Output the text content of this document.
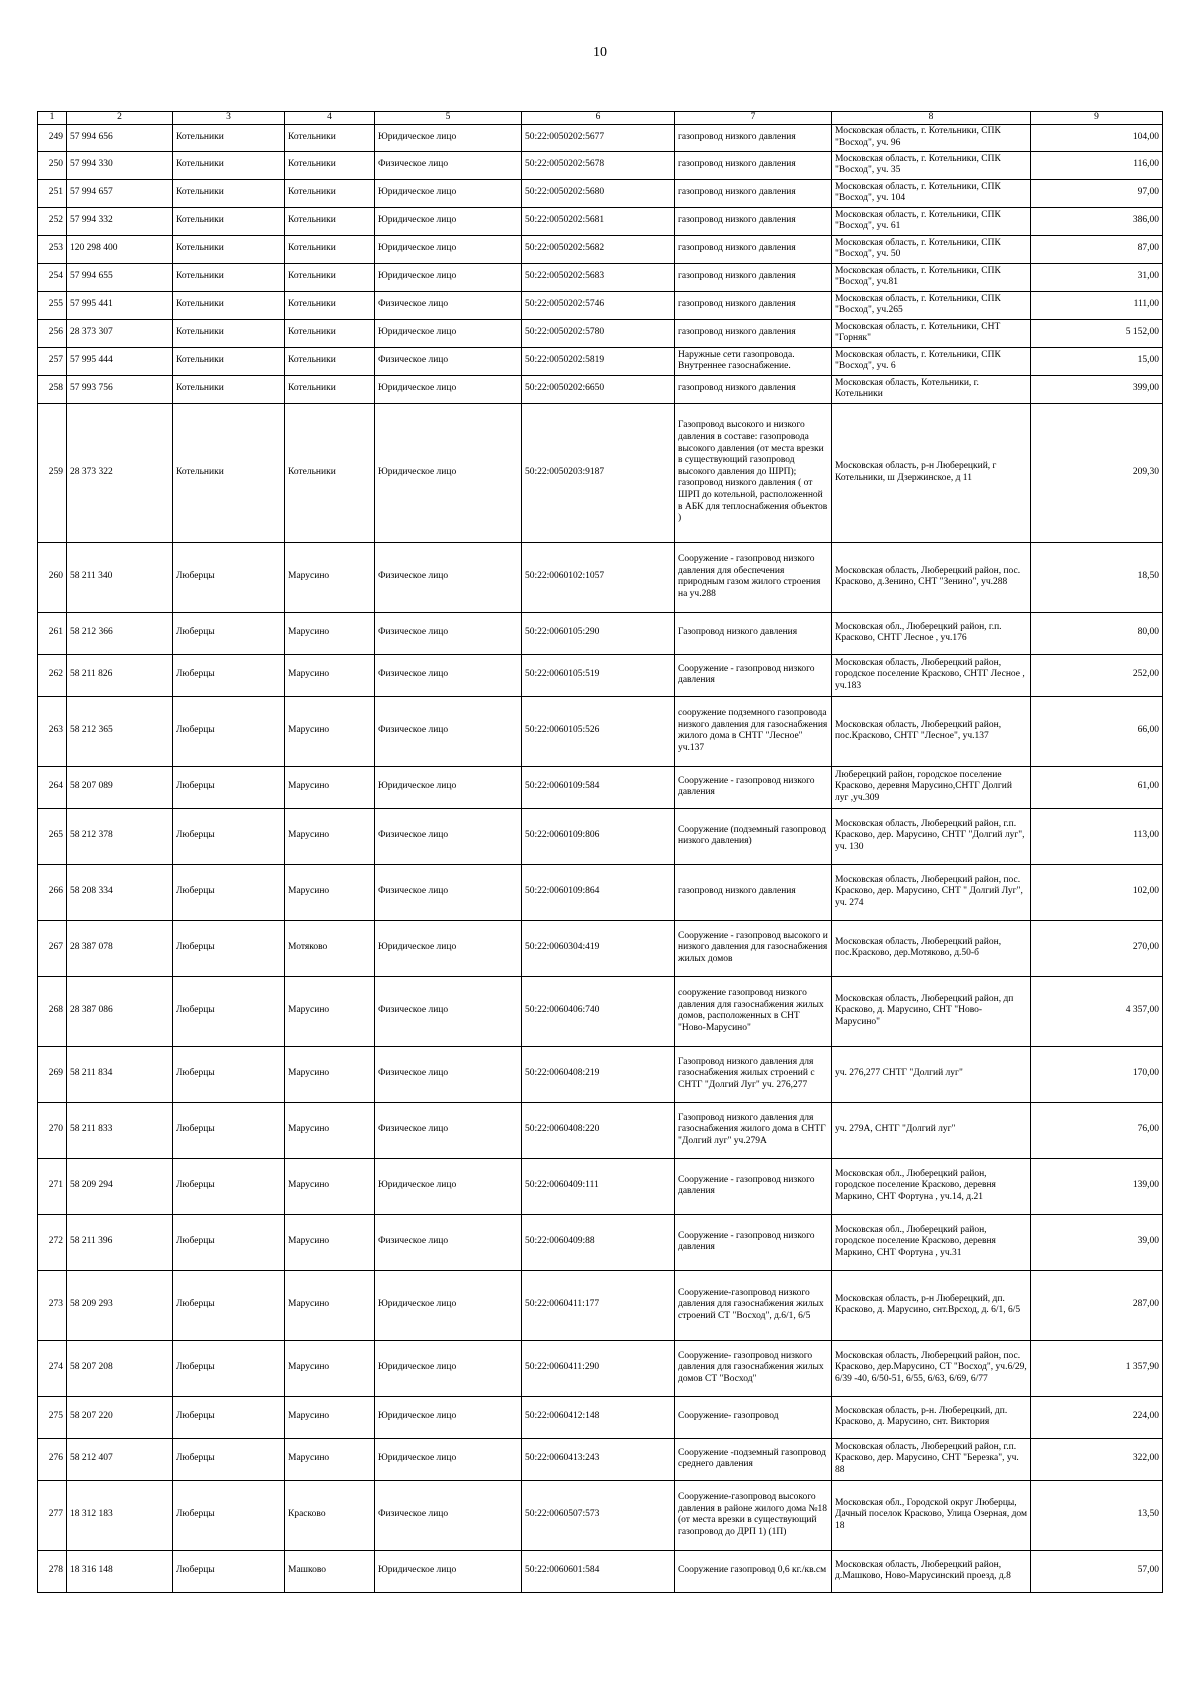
10
1	2	3	4	5	6	7	8	9
249	57 994 656	Котельники	Котельники	Юридическое лицо	50:22:0050202:5677	газопровод низкого давления	Московская область, г. Котельники, СПК "Восход", уч. 96	104,00
250	57 994 330	Котельники	Котельники	Физическое лицо	50:22:0050202:5678	газопровод низкого давления	Московская область, г. Котельники, СПК "Восход", уч. 35	116,00
251	57 994 657	Котельники	Котельники	Юридическое лицо	50:22:0050202:5680	газопровод низкого давления	Московская область, г. Котельники, СПК "Восход", уч. 104	97,00
252	57 994 332	Котельники	Котельники	Юридическое лицо	50:22:0050202:5681	газопровод низкого давления	Московская область, г. Котельники, СПК "Восход", уч. 61	386,00
253	120 298 400	Котельники	Котельники	Юридическое лицо	50:22:0050202:5682	газопровод низкого давления	Московская область, г. Котельники, СПК "Восход", уч. 50	87,00
254	57 994 655	Котельники	Котельники	Юридическое лицо	50:22:0050202:5683	газопровод низкого давления	Московская область, г. Котельники, СПК "Восход", уч.81	31,00
255	57 995 441	Котельники	Котельники	Физическое лицо	50:22:0050202:5746	газопровод низкого давления	Московская область, г. Котельники, СПК "Восход", уч.265	111,00
256	28 373 307	Котельники	Котельники	Юридическое лицо	50:22:0050202:5780	газопровод низкого давления	Московская область, г. Котельники, СНТ "Горняк"	5 152,00
257	57 995 444	Котельники	Котельники	Физическое лицо	50:22:0050202:5819	Наружные сети газопровода. Внутреннее газоснабжение.	Московская область, г. Котельники, СПК "Восход", уч. 6	15,00
258	57 993 756	Котельники	Котельники	Юридическое лицо	50:22:0050202:6650	газопровод низкого давления	Московская область, Котельники, г. Котельники	399,00
259	28 373 322	Котельники	Котельники	Юридическое лицо	50:22:0050203:9187	Газопровод высокого и низкого давления в составе: газопровода высокого давления (от места врезки в существующий газопровод высокого давления до ШРП); газопровод низкого давления ( от ШРП до котельной, расположенной в АБК для теплоснабжения объектов )	Московская область, р-н Люберецкий, г Котельники, ш Дзержинское, д 11	209,30
260	58 211 340	Люберцы	Марусино	Физическое лицо	50:22:0060102:1057	Сооружение - газопровод низкого давления для обеспечения природным газом жилого строения на уч.288	Московская область, Люберецкий район, пос. Красково, д.Зенино, СНТ "Зенино", уч.288	18,50
261	58 212 366	Люберцы	Марусино	Физическое лицо	50:22:0060105:290	Газопровод низкого давления	Московская обл., Люберецкий район, г.п. Красково, СНТГ Лесное , уч.176	80,00
262	58 211 826	Люберцы	Марусино	Физическое лицо	50:22:0060105:519	Сооружение - газопровод низкого давления	Московская область, Люберецкий район, городское поселение Красково, СНТГ Лесное , уч.183	252,00
263	58 212 365	Люберцы	Марусино	Физическое лицо	50:22:0060105:526	сооружение подземного газопровода низкого давления для газоснабжения жилого дома в СНТГ "Лесное" уч.137	Московская область, Люберецкий район, пос.Красково, СНТГ "Лесное", уч.137	66,00
264	58 207 089	Люберцы	Марусино	Юридическое лицо	50:22:0060109:584	Сооружение - газопровод низкого давления	Люберецкий район, городское поселение Красково, деревня Марусино,СНТГ Долгий луг ,уч.309	61,00
265	58 212 378	Люберцы	Марусино	Физическое лицо	50:22:0060109:806	Сооружение (подземный газопровод низкого давления)	Московская область, Люберецкий район, г.п. Красково, дер. Марусино, СНТГ "Долгий луг", уч. 130	113,00
266	58 208 334	Люберцы	Марусино	Физическое лицо	50:22:0060109:864	газопровод низкого давления	Московская область, Люберецкий район, пос. Красково, дер. Марусино, СНТ " Долгий Луг", уч. 274	102,00
267	28 387 078	Люберцы	Мотяково	Юридическое лицо	50:22:0060304:419	Сооружение - газопровод высокого и низкого давления для газоснабжения жилых домов	Московская область, Люберецкий район, пос.Красково, дер.Мотяково, д.50-б	270,00
268	28 387 086	Люберцы	Марусино	Физическое лицо	50:22:0060406:740	сооружение газопровод низкого давления для газоснабжения жилых домов, расположенных в СНТ "Ново-Марусино"	Московская область, Люберецкий район, дп Красково, д. Марусино, СНТ "Ново-Марусино"	4 357,00
269	58 211 834	Люберцы	Марусино	Физическое лицо	50:22:0060408:219	Газопровод низкого давления для газоснабжения жилых строений с СНТГ "Долгий Луг" уч. 276,277	уч. 276,277 СНТГ "Долгий луг"	170,00
270	58 211 833	Люберцы	Марусино	Физическое лицо	50:22:0060408:220	Газопровод низкого давления для газоснабжения жилого дома в СНТГ "Долгий луг" уч.279А	уч. 279А, СНТГ "Долгий луг"	76,00
271	58 209 294	Люберцы	Марусино	Юридическое лицо	50:22:0060409:111	Сооружение - газопровод низкого давления	Московская обл., Люберецкий район, городское поселение Красково, деревня Маркино, СНТ Фортуна , уч.14, д.21	139,00
272	58 211 396	Люберцы	Марусино	Физическое лицо	50:22:0060409:88	Сооружение - газопровод низкого давления	Московская обл., Люберецкий район, городское поселение Красково, деревня Маркино, СНТ Фортуна , уч.31	39,00
273	58 209 293	Люберцы	Марусино	Юридическое лицо	50:22:0060411:177	Сооружение-газопровод низкого давления для газоснабжения жилых строений СТ "Восход", д.6/1, 6/5	Московская область, р-н Люберецкий, дп. Красково, д. Марусино, снт.Врсход, д. 6/1, 6/5	287,00
274	58 207 208	Люберцы	Марусино	Юридическое лицо	50:22:0060411:290	Сооружение- газопровод низкого давления для газоснабжения жилых домов СТ "Восход"	Московская область, Люберецкий район, пос. Красково, дер.Марусино, СТ "Восход", уч.6/29, 6/39 -40, 6/50-51, 6/55, 6/63, 6/69, 6/77	1 357,90
275	58 207 220	Люберцы	Марусино	Юридическое лицо	50:22:0060412:148	Сооружение- газопровод	Московская область, р-н. Люберецкий, дп. Красково, д. Марусино, снт. Виктория	224,00
276	58 212 407	Люберцы	Марусино	Юридическое лицо	50:22:0060413:243	Сооружение -подземный газопровод среднего давления	Московская область, Люберецкий район, г.п. Красково, дер. Марусино, СНТ "Березка", уч. 88	322,00
277	18 312 183	Люберцы	Красково	Физическое лицо	50:22:0060507:573	Сооружение-газопровод высокого давления в районе жилого дома №18 (от места врезки в существующий газопровод до ДРП 1) (1П)	Московская обл., Городской округ Люберцы, Дачный поселок Красково, Улица Озерная, дом 18	13,50
278	18 316 148	Люберцы	Машково	Юридическое лицо	50:22:0060601:584	Сооружение газопровод 0,6 кг./кв.см	Московская область, Люберецкий район, д.Машково, Ново-Марусинский проезд, д.8	57,00
